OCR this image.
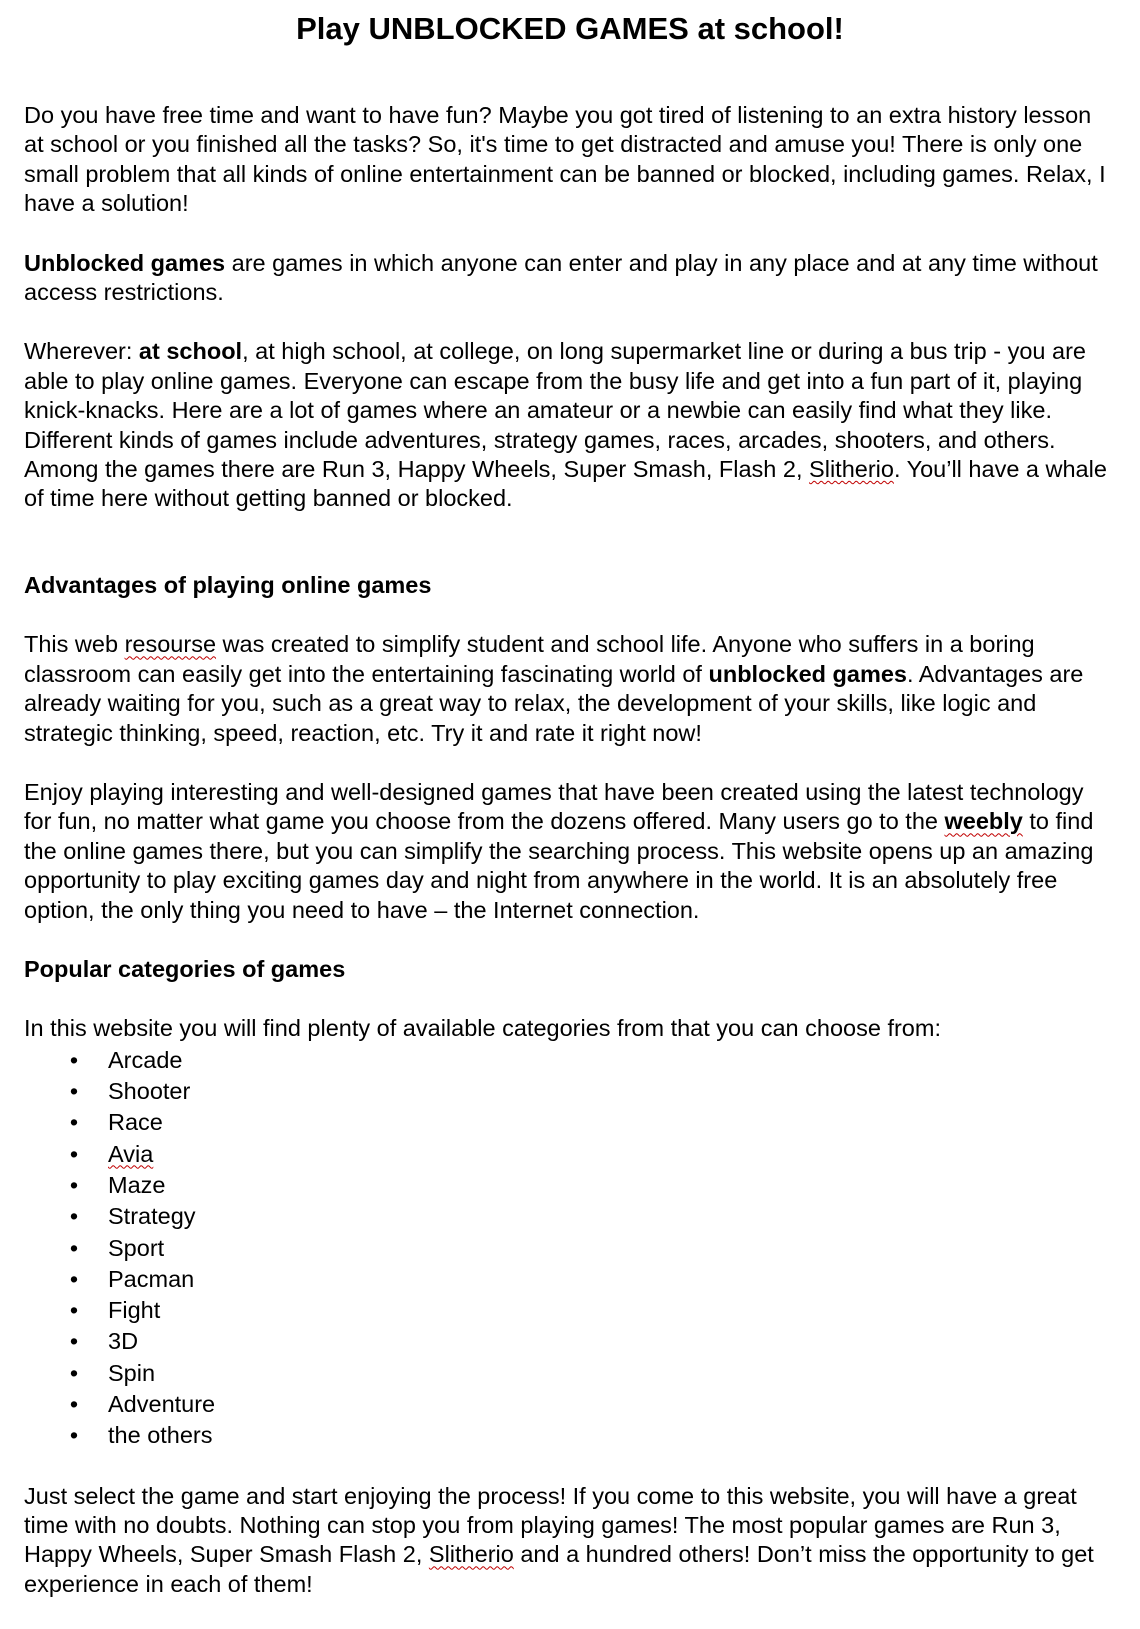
Play UNBLOCKED GAMES at school!

Do you have free time and want to have fun? Maybe you got tired of listening to an extra history lesson at school or you finished all the tasks? So, it's time to get distracted and amuse you! There is only one small problem that all kinds of online entertainment can be banned or blocked, including games. Relax, I have a solution!

Unblocked games are games in which anyone can enter and play in any place and at any time without access restrictions.

Wherever: at school, at high school, at college, on long supermarket line or during a bus trip - you are able to play online games. Everyone can escape from the busy life and get into a fun part of it, playing knick-knacks. Here are a lot of games where an amateur or a newbie can easily find what they like. Different kinds of games include adventures, strategy games, races, arcades, shooters, and others. Among the games there are Run 3, Happy Wheels, Super Smash, Flash 2, Slitherio. You’ll have a whale of time here without getting banned or blocked.

Advantages of playing online games

This web resourse was created to simplify student and school life. Anyone who suffers in a boring classroom can easily get into the entertaining fascinating world of unblocked games. Advantages are already waiting for you, such as a great way to relax, the development of your skills, like logic and strategic thinking, speed, reaction, etc. Try it and rate it right now!

Enjoy playing interesting and well-designed games that have been created using the latest technology for fun, no matter what game you choose from the dozens offered. Many users go to the weebly to find the online games there, but you can simplify the searching process. This website opens up an amazing opportunity to play exciting games day and night from anywhere in the world. It is an absolutely free option, the only thing you need to have – the Internet connection.

Popular categories of games

In this website you will find plenty of available categories from that you can choose from:

• Arcade
• Shooter
• Race
• Avia
• Maze
• Strategy
• Sport
• Pacman
• Fight
• 3D
• Spin
• Adventure
• the others

Just select the game and start enjoying the process! If you come to this website, you will have a great time with no doubts. Nothing can stop you from playing games! The most popular games are Run 3, Happy Wheels, Super Smash Flash 2, Slitherio and a hundred others! Don’t miss the opportunity to get experience in each of them!
